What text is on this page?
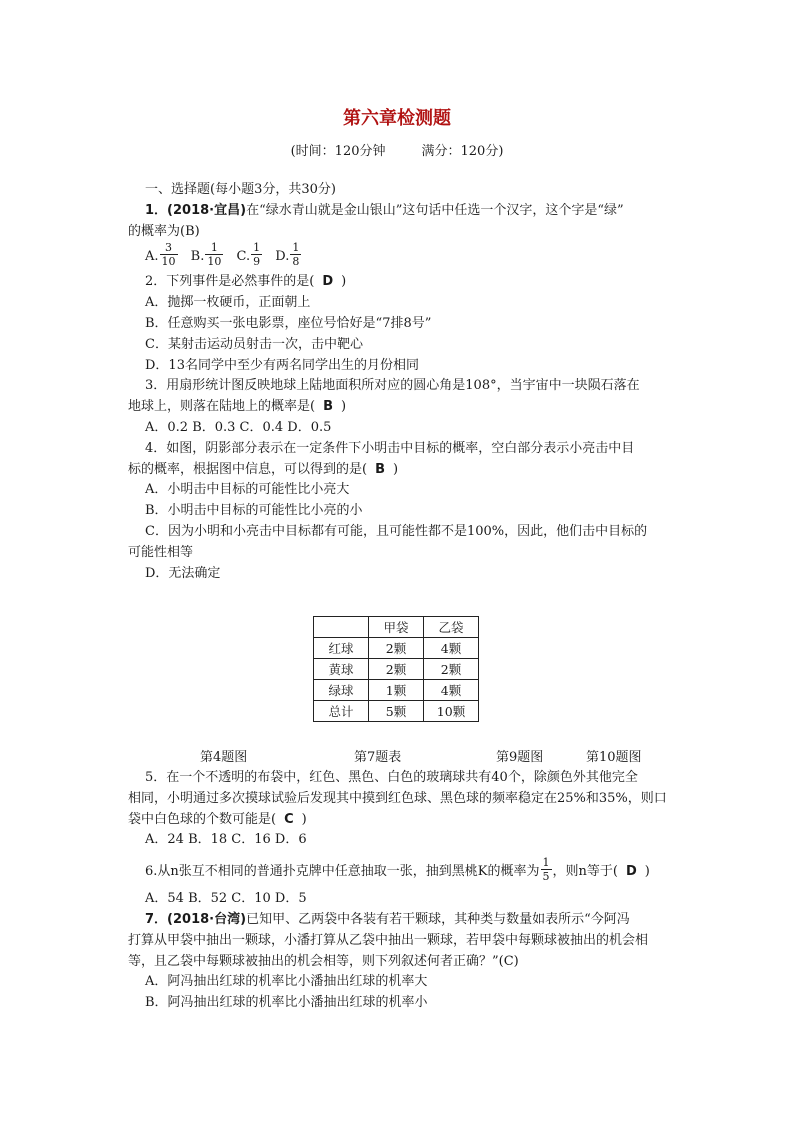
第六章检测题
(时间：120分钟	满分：120分)
一、选择题(每小题3分，共30分)
1．(2018·宜昌)在“绿水青山就是金山银山”这句话中任选一个汉字，这个字是“绿”
的概率为(B)
A. $\frac{3}{10} B$. $\frac{1}{10} C$. $\frac{1}{9} D$. $\frac{1}{8}$
2．下列事件是必然事件的是( D )
A．抛掷一枚硬币，正面朝上
B．任意购买一张电影票，座位号恰好是“7排8号”
C．某射击运动员射击一次，击中靶心
D．13名同学中至少有两名同学出生的月份相同
3．用扇形统计图反映地球上陆地面积所对应的圆心角是108°，当宇宙中一块陨石落在
地球上，则落在陆地上的概率是( B )
A．0.2 B．0.3 C．0.4 D．0.5
4．如图，阴影部分表示在一定条件下小明击中目标的概率，空白部分表示小亮击中目
标的概率，根据图中信息，可以得到的是( B )
A．小明击中目标的可能性比小亮大
B．小明击中目标的可能性比小亮的小
C．因为小明和小亮击中目标都有可能，且可能性都不是100%，因此，他们击中目标的
可能性相等
D．无法确定
	甲袋	乙袋
红球	2颗	4颗
黄球	2颗	2颗
绿球	1颗	4颗
总计	5颗	10颗
第4题图	第7题表	第9题图	第10题图
5．在一个不透明的布袋中，红色、黑色、白色的玻璃球共有40个，除颜色外其他完全
相同，小明通过多次摸球试验后发现其中摸到红色球、黑色球的频率稳定在25%和35%，则口
袋中白色球的个数可能是( C )
A．24 B．18 C．16 D．6
6.从n张互不相同的普通扑克牌中任意抽取一张，抽到黑桃K的概率为 $\frac{1}{5}$ ，则n等于( D )
A．54 B．52 C．10 D．5
7．(2018·台湾)已知甲、乙两袋中各装有若干颗球，其种类与数量如表所示“今阿冯
打算从甲袋中抽出一颗球，小潘打算从乙袋中抽出一颗球，若甲袋中每颗球被抽出的机会相
等，且乙袋中每颗球被抽出的机会相等，则下列叙述何者正确？”(C)
A．阿冯抽出红球的机率比小潘抽出红球的机率大
B．阿冯抽出红球的机率比小潘抽出红球的机率小
